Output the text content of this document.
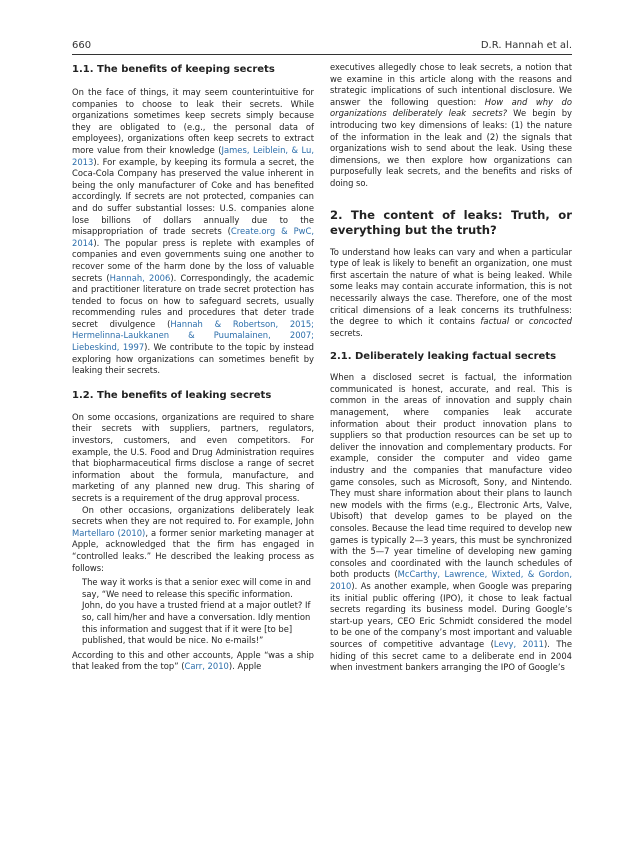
660	D.R. Hannah et al.
1.1. The benefits of keeping secrets

On the face of things, it may seem counterintuitive for companies to choose to leak their secrets. While organizations sometimes keep secrets simply because they are obligated to (e.g., the personal data of employees), organizations often keep secrets to extract more value from their knowledge (James, Leiblein, & Lu, 2013). For example, by keeping its formula a secret, the Coca-Cola Company has preserved the value inherent in being the only manufacturer of Coke and has benefited accordingly. If secrets are not protected, companies can and do suffer substantial losses: U.S. companies alone lose billions of dollars annually due to the misappropriation of trade secrets (Create.org & PwC, 2014). The popular press is replete with examples of companies and even governments suing one another to recover some of the harm done by the loss of valuable secrets (Hannah, 2006). Correspondingly, the academic and practitioner literature on trade secret protection has tended to focus on how to safeguard secrets, usually recommending rules and procedures that deter trade secret divulgence (Hannah & Robertson, 2015; Hermelinna-Laukkanen & Puumalainen, 2007; Liebeskind, 1997). We contribute to the topic by instead exploring how organizations can sometimes benefit by leaking their secrets.

1.2. The benefits of leaking secrets

On some occasions, organizations are required to share their secrets with suppliers, partners, regulators, investors, customers, and even competitors. For example, the U.S. Food and Drug Administration requires that biopharmaceutical firms disclose a range of secret information about the formula, manufacture, and marketing of any planned new drug. This sharing of secrets is a requirement of the drug approval process.

On other occasions, organizations deliberately leak secrets when they are not required to. For example, John Martellaro (2010), a former senior marketing manager at Apple, acknowledged that the firm has engaged in “controlled leaks.” He described the leaking process as follows:

The way it works is that a senior exec will come in and say, “We need to release this specific information. John, do you have a trusted friend at a major outlet? If so, call him/her and have a conversation. Idly mention this information and suggest that if it were [to be] published, that would be nice. No e-mails!”

According to this and other accounts, Apple “was a ship that leaked from the top” (Carr, 2010). Apple

executives allegedly chose to leak secrets, a notion that we examine in this article along with the reasons and strategic implications of such intentional disclosure. We answer the following question: How and why do organizations deliberately leak secrets? We begin by introducing two key dimensions of leaks: (1) the nature of the information in the leak and (2) the signals that organizations wish to send about the leak. Using these dimensions, we then explore how organizations can purposefully leak secrets, and the benefits and risks of doing so.

2. The content of leaks: Truth, or everything but the truth?

To understand how leaks can vary and when a particular type of leak is likely to benefit an organization, one must first ascertain the nature of what is being leaked. While some leaks may contain accurate information, this is not necessarily always the case. Therefore, one of the most critical dimensions of a leak concerns its truthfulness: the degree to which it contains factual or concocted secrets.

2.1. Deliberately leaking factual secrets

When a disclosed secret is factual, the information communicated is honest, accurate, and real. This is common in the areas of innovation and supply chain management, where companies leak accurate information about their product innovation plans to suppliers so that production resources can be set up to deliver the innovation and complementary products. For example, consider the computer and video game industry and the companies that manufacture video game consoles, such as Microsoft, Sony, and Nintendo. They must share information about their plans to launch new models with the firms (e.g., Electronic Arts, Valve, Ubisoft) that develop games to be played on the consoles. Because the lead time required to develop new games is typically 2—3 years, this must be synchronized with the 5—7 year timeline of developing new gaming consoles and coordinated with the launch schedules of both products (McCarthy, Lawrence, Wixted, & Gordon, 2010). As another example, when Google was preparing its initial public offering (IPO), it chose to leak factual secrets regarding its business model. During Google’s start-up years, CEO Eric Schmidt considered the model to be one of the company’s most important and valuable sources of competitive advantage (Levy, 2011). The hiding of this secret came to a deliberate end in 2004 when investment bankers arranging the IPO of Google’s
